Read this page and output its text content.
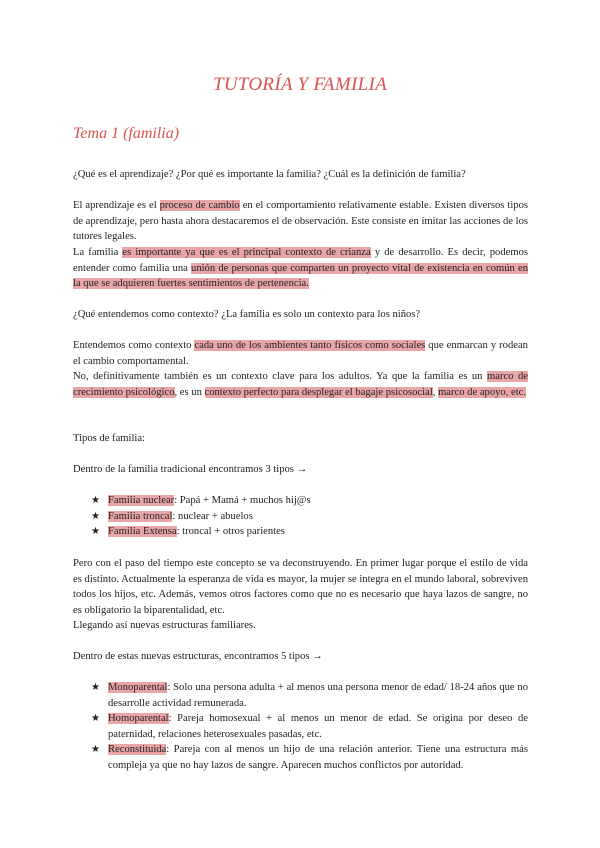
TUTORÍA Y FAMILIA
Tema 1 (familia)
¿Qué es el aprendizaje? ¿Por qué es importante la familia? ¿Cuál es la definición de familia?
El aprendizaje es el proceso de cambio en el comportamiento relativamente estable. Existen diversos tipos de aprendizaje, pero hasta ahora destacaremos el de observación. Este consiste en imitar las acciones de los tutores legales.
La familia es importante ya que es el principal contexto de crianza y de desarrollo. Es decir, podemos entender como familia una unión de personas que comparten un proyecto vital de existencia en común en la que se adquieren fuertes sentimientos de pertenencia.
¿Qué entendemos como contexto? ¿La familia es solo un contexto para los niños?
Entendemos como contexto cada uno de los ambientes tanto físicos como sociales que enmarcan y rodean el cambio comportamental.
No, definitivamente también es un contexto clave para los adultos. Ya que la familia es un marco de crecimiento psicológico, es un contexto perfecto para desplegar el bagaje psicosocial, marco de apoyo, etc.
Tipos de familia:
Dentro de la familia tradicional encontramos 3 tipos →
★ Familia nuclear: Papá + Mamá + muchos hij@s
★ Familia troncal: nuclear + abuelos
★ Familia Extensa: troncal + otros parientes
Pero con el paso del tiempo este concepto se va deconstruyendo. En primer lugar porque el estilo de vida es distinto. Actualmente la esperanza de vida es mayor, la mujer se integra en el mundo laboral, sobreviven todos los hijos, etc. Además, vemos otros factores como que no es necesario que haya lazos de sangre, no es obligatorio la biparentalidad, etc.
Llegando así nuevas estructuras familiares.
Dentro de estas nuevas estructuras, encontramos 5 tipos →
★ Monoparental: Solo una persona adulta + al menos una persona menor de edad/ 18-24 años que no desarrolle actividad remunerada.
★ Homoparental: Pareja homosexual + al menos un menor de edad. Se origina por deseo de paternidad, relaciones heterosexuales pasadas, etc.
★ Reconstituida: Pareja con al menos un hijo de una relación anterior. Tiene una estructura más compleja ya que no hay lazos de sangre. Aparecen muchos conflictos por autoridad.
